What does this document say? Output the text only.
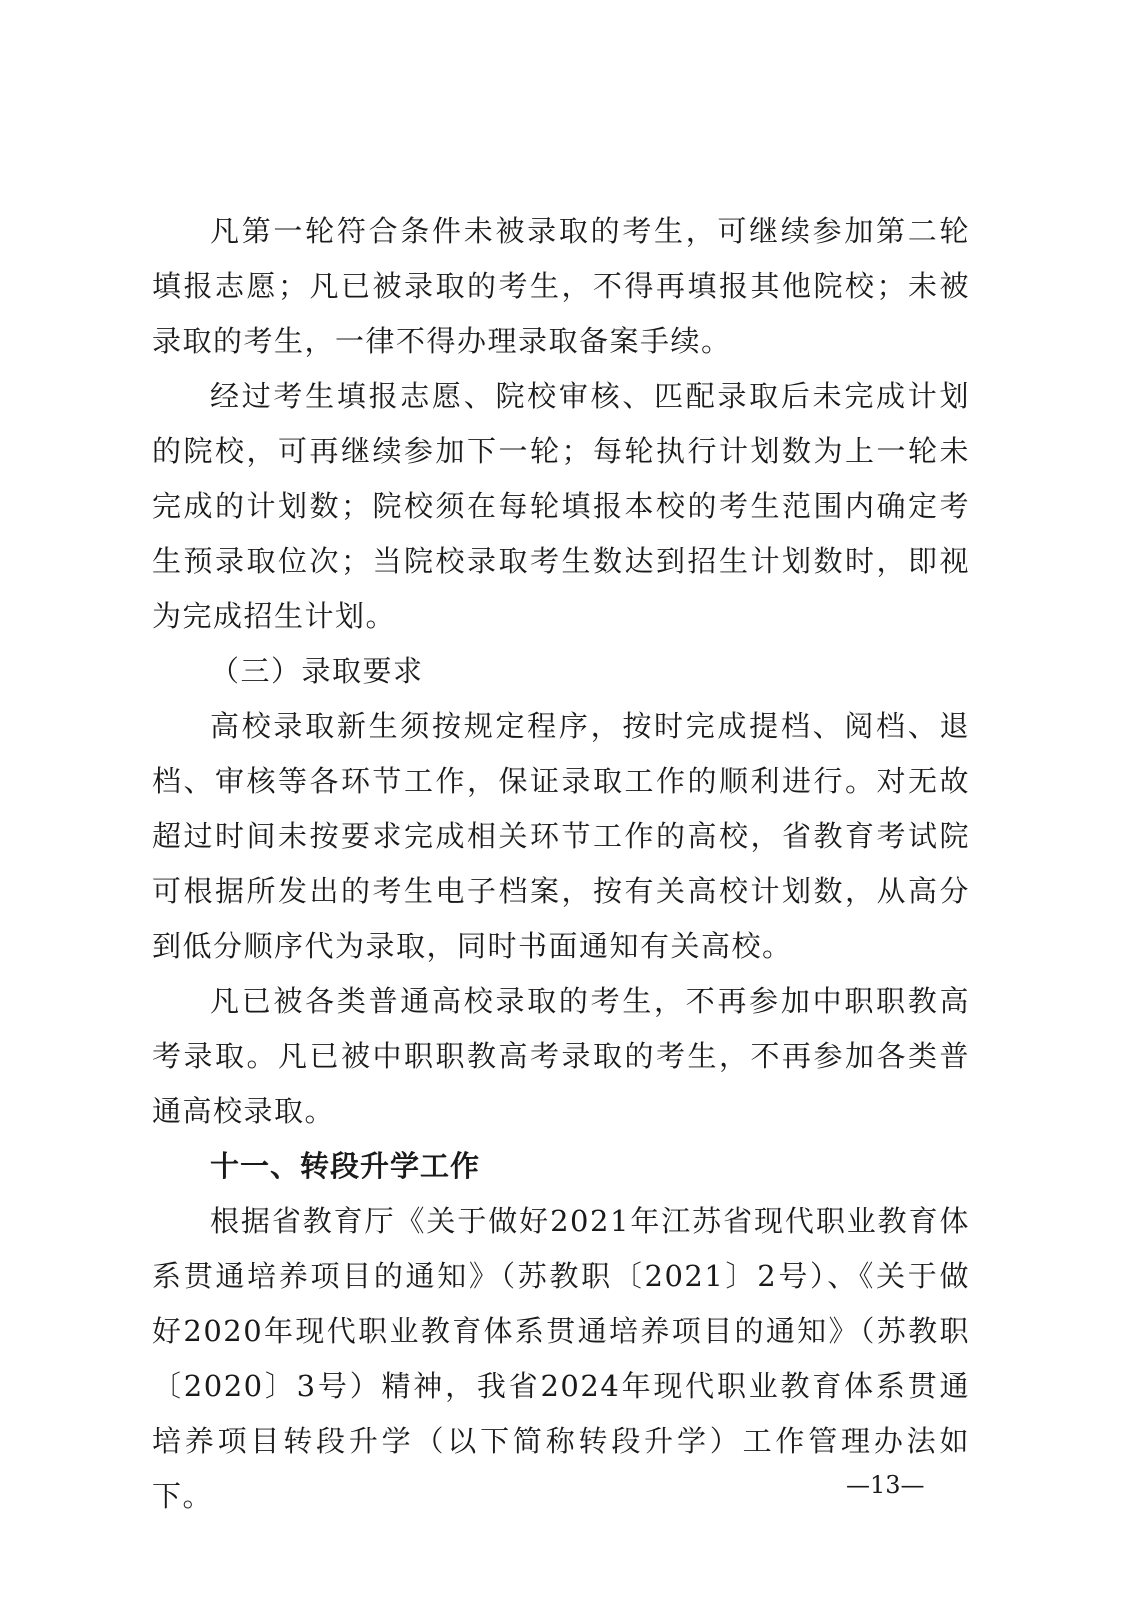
凡第一轮符合条件未被录取的考生，可继续参加第二轮填报志愿；凡已被录取的考生，不得再填报其他院校；未被录取的考生，一律不得办理录取备案手续。

经过考生填报志愿、院校审核、匹配录取后未完成计划的院校，可再继续参加下一轮；每轮执行计划数为上一轮未完成的计划数；院校须在每轮填报本校的考生范围内确定考生预录取位次；当院校录取考生数达到招生计划数时，即视为完成招生计划。

（三）录取要求

高校录取新生须按规定程序，按时完成提档、阅档、退档、审核等各环节工作，保证录取工作的顺利进行。对无故超过时间未按要求完成相关环节工作的高校，省教育考试院可根据所发出的考生电子档案，按有关高校计划数，从高分到低分顺序代为录取，同时书面通知有关高校。

凡已被各类普通高校录取的考生，不再参加中职职教高考录取。凡已被中职职教高考录取的考生，不再参加各类普通高校录取。

十一、转段升学工作

根据省教育厅《关于做好2021年江苏省现代职业教育体系贯通培养项目的通知》（苏教职〔2021〕2号）、《关于做好2020年现代职业教育体系贯通培养项目的通知》（苏教职〔2020〕3号）精神，我省2024年现代职业教育体系贯通培养项目转段升学（以下简称转段升学）工作管理办法如下。	—13—
